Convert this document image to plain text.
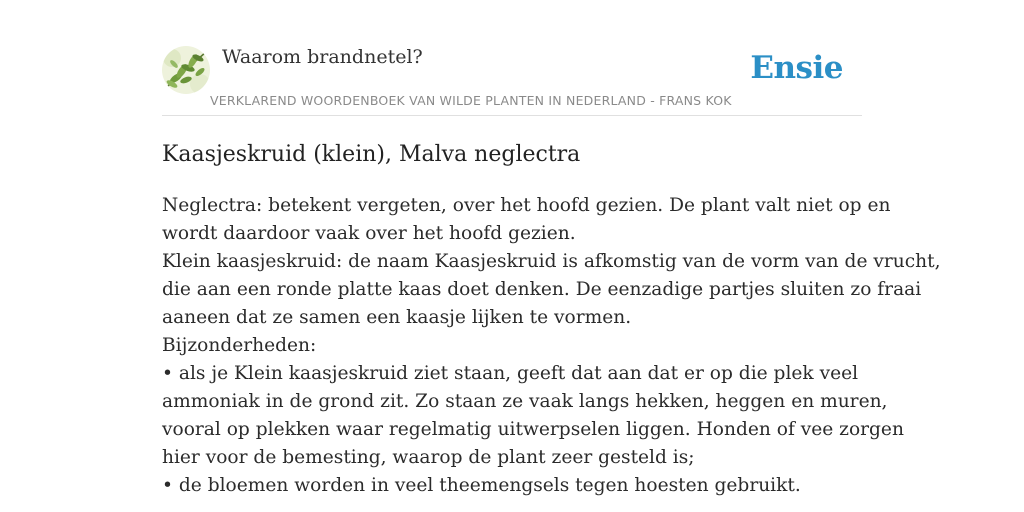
Waarom brandnetel?	Ensie
VERKLAREND WOORDENBOEK VAN WILDE PLANTEN IN NEDERLAND - FRANS KOK
Kaasjeskruid (klein), Malva neglectra
Neglectra: betekent vergeten, over het hoofd gezien. De plant valt niet op en
wordt daardoor vaak over het hoofd gezien.
Klein kaasjeskruid: de naam Kaasjeskruid is afkomstig van de vorm van de vrucht,
die aan een ronde platte kaas doet denken. De eenzadige partjes sluiten zo fraai
aaneen dat ze samen een kaasje lijken te vormen.
Bijzonderheden:
• als je Klein kaasjeskruid ziet staan, geeft dat aan dat er op die plek veel
ammoniak in de grond zit. Zo staan ze vaak langs hekken, heggen en muren,
vooral op plekken waar regelmatig uitwerpselen liggen. Honden of vee zorgen
hier voor de bemesting, waarop de plant zeer gesteld is;
• de bloemen worden in veel theemengsels tegen hoesten gebruikt.
